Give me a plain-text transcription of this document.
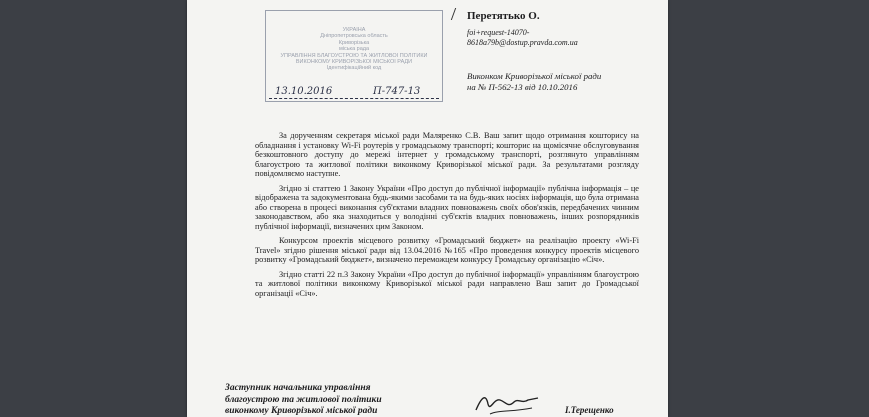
УКРАЇНА
Дніпропетровська область
Криворізька
міська рада
УПРАВЛІННЯ БЛАГОУСТРОЮ ТА ЖИТЛОВОЇ ПОЛІТИКИ
ВИКОНКОМУ КРИВОРІЗЬКОЇ МІСЬКОЇ РАДИ
Ідентифікаційний код
13.10.2016	П-747-13
Перетятько О.
foi+request-14070-8618a79b@dostup.pravda.com.ua
Виконком Криворізької міської ради
на № П-562-13 від 10.10.2016

За дорученням секретаря міської ради Маляренко С.В. Ваш запит щодо отримання кошторису на обладнання і установку Wi-Fi роутерів у громадському транспорті; кошторис на щомісячне обслуговування безкоштовного доступу до мережі інтернет у громадському транспорті, розглянуто управлінням благоустрою та житлової політики виконкому Криворізької міської ради. За результатами розгляду повідомляємо наступне.

Згідно зі статтею 1 Закону України «Про доступ до публічної інформації» публічна інформація – це відображена та задокументована будь-якими засобами та на будь-яких носіях інформація, що була отримана або створена в процесі виконання суб'єктами владних повноважень своїх обов'язків, передбачених чинним законодавством, або яка знаходиться у володінні суб'єктів владних повноважень, інших розпорядників публічної інформації, визначених цим Законом.

Конкурсом проектів місцевого розвитку «Громадський бюджет» на реалізацію проекту «Wi-Fi Travel» згідно рішення міської ради від 13.04.2016 №165 «Про проведення конкурсу проектів місцевого розвитку «Громадський бюджет», визначено переможцем конкурсу Громадську організацію «Січ».

Згідно статті 22 п.3 Закону України «Про доступ до публічної інформації» управлінням благоустрою та житлової політики виконкому Криворізької міської ради направлено Ваш запит до Громадської організації «Січ».

Заступник начальника управління
благоустрою та житлової політики
виконкому Криворізької міської ради	І.Терещенко
